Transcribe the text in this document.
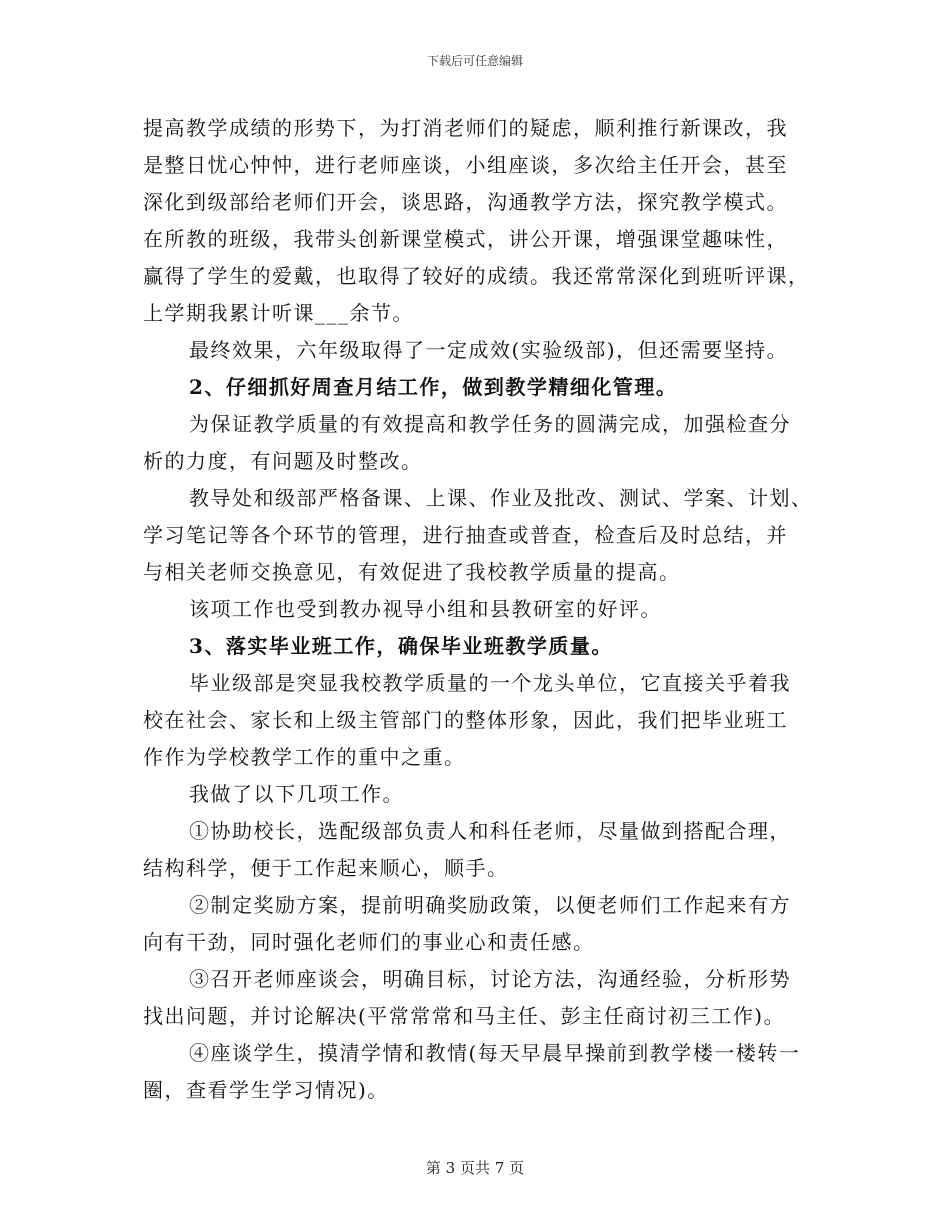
下载后可任意编辑
提高教学成绩的形势下，为打消老师们的疑虑，顺利推行新课改，我
是整日忧心忡忡，进行老师座谈，小组座谈，多次给主任开会，甚至
深化到级部给老师们开会，谈思路，沟通教学方法，探究教学模式。
在所教的班级，我带头创新课堂模式，讲公开课，增强课堂趣味性，
赢得了学生的爱戴，也取得了较好的成绩。我还常常深化到班听评课，
上学期我累计听课___余节。
最终效果，六年级取得了一定成效(实验级部)，但还需要坚持。
2、仔细抓好周查月结工作，做到教学精细化管理。
为保证教学质量的有效提高和教学任务的圆满完成，加强检查分
析的力度，有问题及时整改。
教导处和级部严格备课、上课、作业及批改、测试、学案、计划、
学习笔记等各个环节的管理，进行抽查或普查，检查后及时总结，并
与相关老师交换意见，有效促进了我校教学质量的提高。
该项工作也受到教办视导小组和县教研室的好评。
3、落实毕业班工作，确保毕业班教学质量。
毕业级部是突显我校教学质量的一个龙头单位，它直接关乎着我
校在社会、家长和上级主管部门的整体形象，因此，我们把毕业班工
作作为学校教学工作的重中之重。
我做了以下几项工作。
①协助校长，选配级部负责人和科任老师，尽量做到搭配合理，
结构科学，便于工作起来顺心，顺手。
②制定奖励方案，提前明确奖励政策，以便老师们工作起来有方
向有干劲，同时强化老师们的事业心和责任感。
③召开老师座谈会，明确目标，讨论方法，沟通经验，分析形势
找出问题，并讨论解决(平常常常和马主任、彭主任商讨初三工作)。
④座谈学生，摸清学情和教情(每天早晨早操前到教学楼一楼转一
圈，查看学生学习情况)。
第 3 页共 7 页
